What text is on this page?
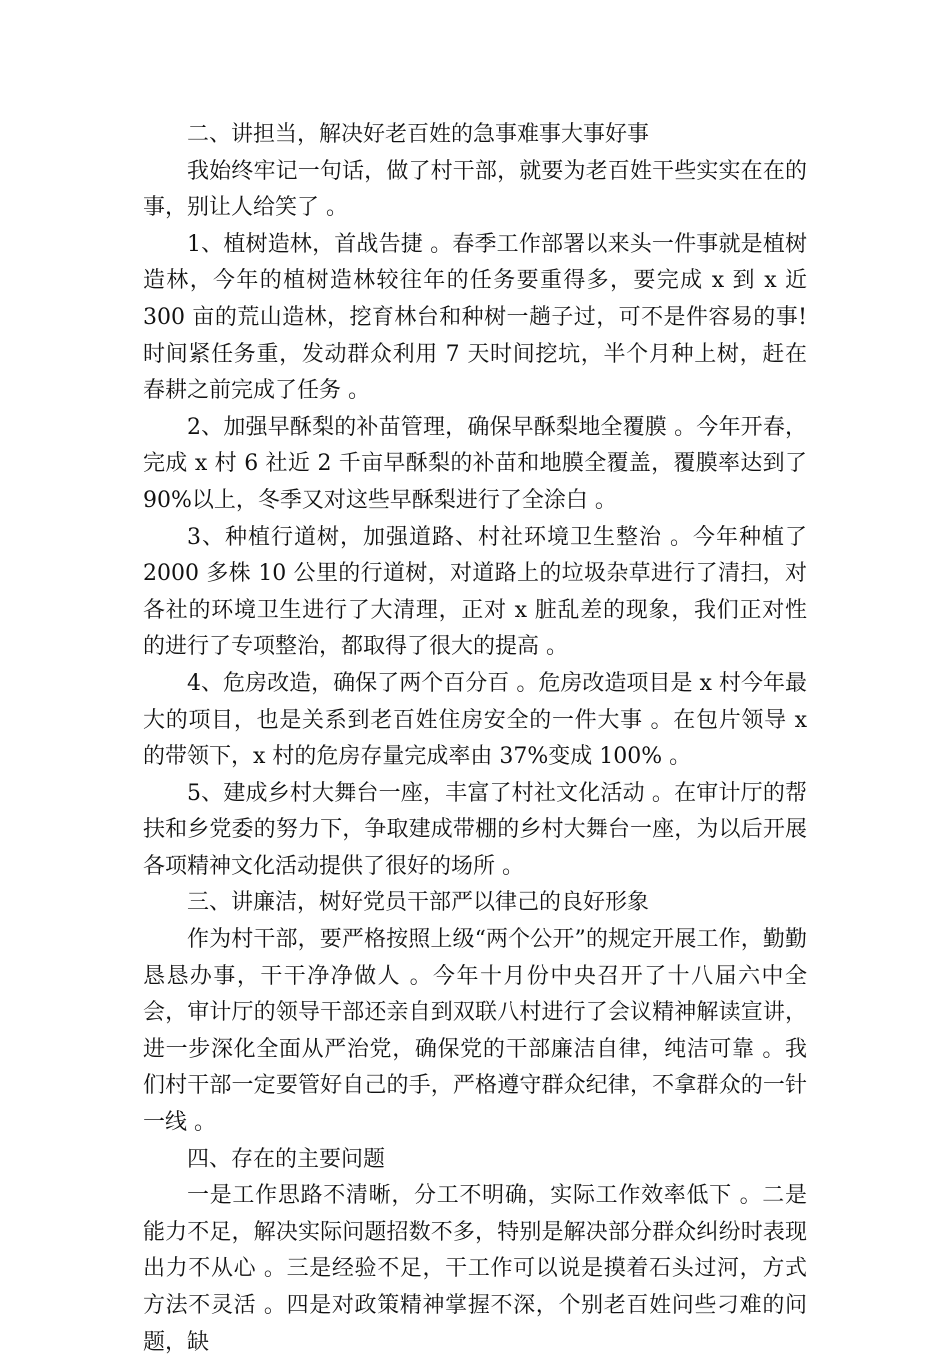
二、讲担当，解决好老百姓的急事难事大事好事

我始终牢记一句话，做了村干部，就要为老百姓干些实实在在的事，别让人给笑了 。

1、植树造林，首战告捷 。春季工作部署以来头一件事就是植树造林，今年的植树造林较往年的任务要重得多，要完成 x 到 x 近 300 亩的荒山造林，挖育林台和种树一趟子过，可不是件容易的事!时间紧任务重，发动群众利用 7 天时间挖坑，半个月种上树，赶在春耕之前完成了任务 。

2、加强早酥梨的补苗管理，确保早酥梨地全覆膜 。今年开春，完成 x 村 6 社近 2 千亩早酥梨的补苗和地膜全覆盖，覆膜率达到了 90%以上，冬季又对这些早酥梨进行了全涂白 。

3、种植行道树，加强道路、村社环境卫生整治 。今年种植了 2000 多株 10 公里的行道树，对道路上的垃圾杂草进行了清扫，对各社的环境卫生进行了大清理，正对 x 脏乱差的现象，我们正对性的进行了专项整治，都取得了很大的提高 。

4、危房改造，确保了两个百分百 。危房改造项目是 x 村今年最大的项目，也是关系到老百姓住房安全的一件大事 。在包片领导 x 的带领下，x 村的危房存量完成率由 37%变成 100% 。

5、建成乡村大舞台一座，丰富了村社文化活动 。在审计厅的帮扶和乡党委的努力下，争取建成带棚的乡村大舞台一座，为以后开展各项精神文化活动提供了很好的场所 。

三、讲廉洁，树好党员干部严以律己的良好形象

作为村干部，要严格按照上级“两个公开”的规定开展工作，勤勤恳恳办事，干干净净做人 。今年十月份中央召开了十八届六中全会，审计厅的领导干部还亲自到双联八村进行了会议精神解读宣讲，进一步深化全面从严治党，确保党的干部廉洁自律，纯洁可靠 。我们村干部一定要管好自己的手，严格遵守群众纪律，不拿群众的一针一线 。

四、存在的主要问题

一是工作思路不清晰，分工不明确，实际工作效率低下 。二是能力不足，解决实际问题招数不多，特别是解决部分群众纠纷时表现出力不从心 。三是经验不足，干工作可以说是摸着石头过河，方式方法不灵活 。四是对政策精神掌握不深，个别老百姓问些刁难的问题，缺
